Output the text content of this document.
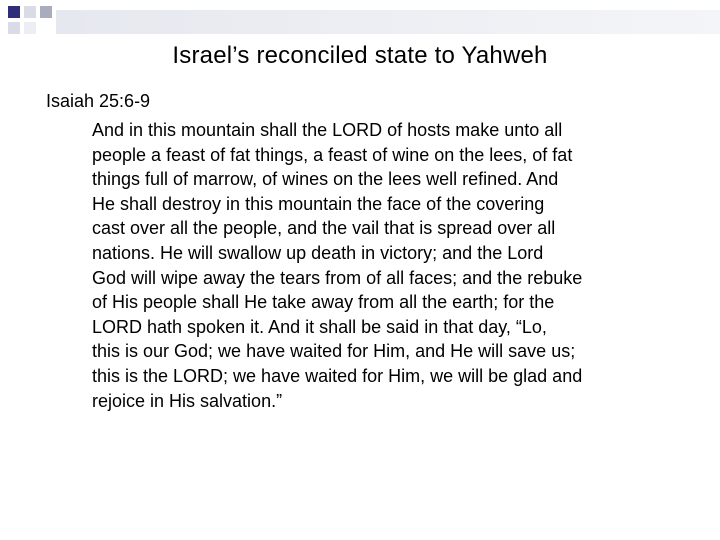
Israel’s reconciled state to Yahweh
Isaiah 25:6-9
And in this mountain shall the LORD of hosts make unto all
people a feast of fat things, a feast of wine on the lees, of fat
things full of marrow, of wines on the lees well refined. And
He shall destroy in this mountain the face of the covering
cast over all the people, and the vail that is spread over all
nations. He will swallow up death in victory; and the Lord
God will wipe away the tears from of all faces; and the rebuke
of His people shall He take away from all the earth; for the
LORD hath spoken it. And it shall be said in that day, “Lo,
this is our God; we have waited for Him, and He will save us;
this is the LORD; we have waited for Him, we will be glad and
rejoice in His salvation.”
